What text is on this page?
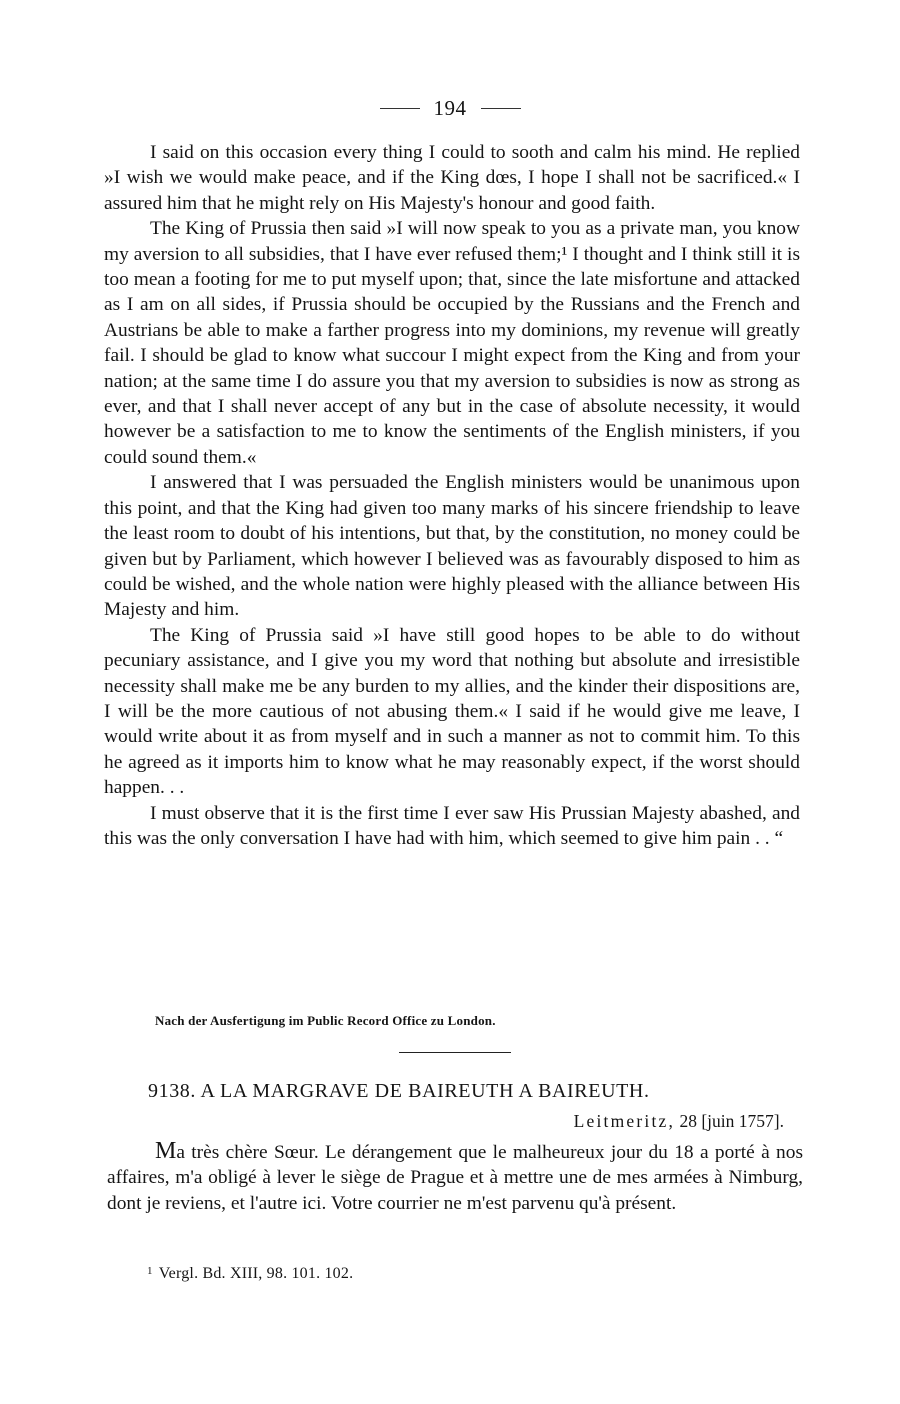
194

I said on this occasion every thing I could to sooth and calm his mind. He replied »I wish we would make peace, and if the King dœs, I hope I shall not be sacrificed.« I assured him that he might rely on His Majesty's honour and good faith.

The King of Prussia then said »I will now speak to you as a private man, you know my aversion to all subsidies, that I have ever refused them;¹ I thought and I think still it is too mean a footing for me to put myself upon; that, since the late misfortune and attacked as I am on all sides, if Prussia should be occupied by the Russians and the French and Austrians be able to make a farther progress into my dominions, my revenue will greatly fail. I should be glad to know what succour I might expect from the King and from your nation; at the same time I do assure you that my aversion to subsidies is now as strong as ever, and that I shall never accept of any but in the case of absolute necessity, it would however be a satisfaction to me to know the sentiments of the English ministers, if you could sound them.«

I answered that I was persuaded the English ministers would be unanimous upon this point, and that the King had given too many marks of his sincere friendship to leave the least room to doubt of his intentions, but that, by the constitution, no money could be given but by Parliament, which however I believed was as favourably disposed to him as could be wished, and the whole nation were highly pleased with the alliance between His Majesty and him.

The King of Prussia said »I have still good hopes to be able to do without pecuniary assistance, and I give you my word that nothing but absolute and irresistible necessity shall make me be any burden to my allies, and the kinder their dispositions are, I will be the more cautious of not abusing them.« I said if he would give me leave, I would write about it as from myself and in such a manner as not to commit him. To this he agreed as it imports him to know what he may reasonably expect, if the worst should happen. . .

I must observe that it is the first time I ever saw His Prussian Majesty abashed, and this was the only conversation I have had with him, which seemed to give him pain . . “

Nach der Ausfertigung im Public Record Office zu London.
9138. A LA MARGRAVE DE BAIREUTH A BAIREUTH.
Leitmeritz, 28 [juin 1757].

Ma très chère Sœur. Le dérangement que le malheureux jour du 18 a porté à nos affaires, m'a obligé à lever le siège de Prague et à mettre une de mes armées à Nimburg, dont je reviens, et l'autre ici. Votre courrier ne m'est parvenu qu'à présent.

$^1$ Vergl. Bd. XIII, 98. 101. 102.
